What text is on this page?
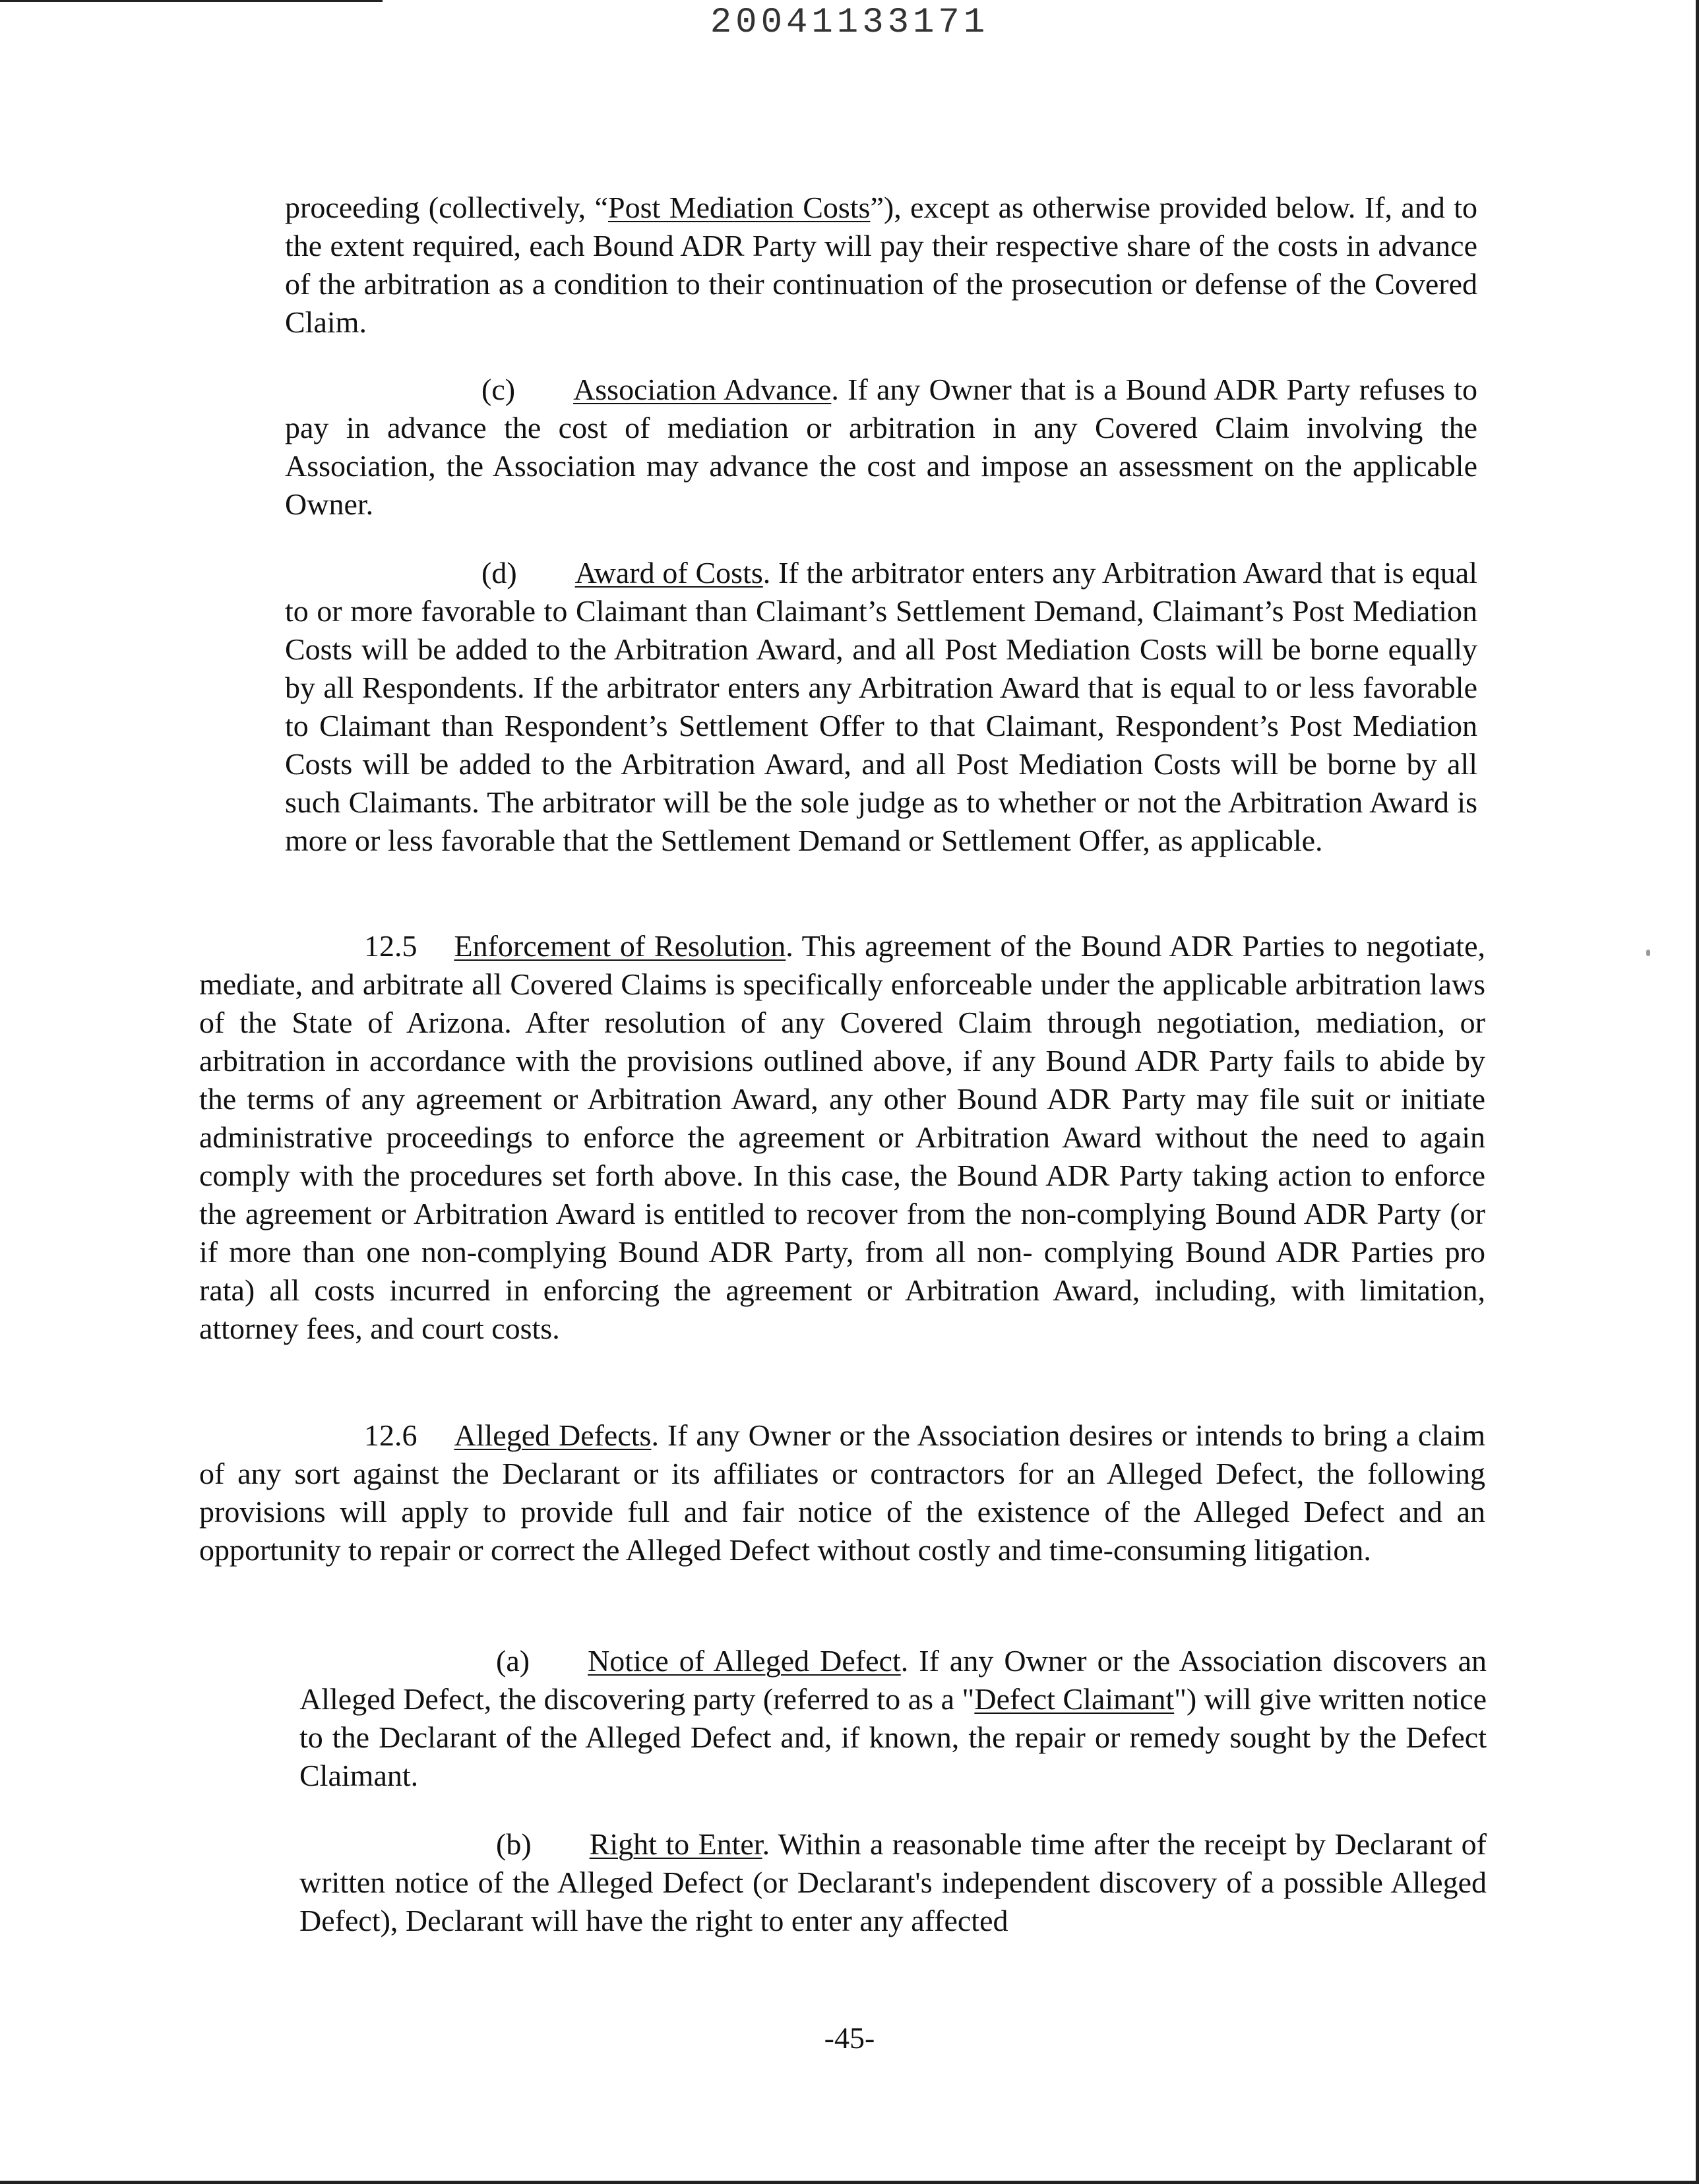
20041133171

proceeding (collectively, “Post Mediation Costs”), except as otherwise provided below. If, and to the extent required, each Bound ADR Party will pay their respective share of the costs in advance of the arbitration as a condition to their continuation of the prosecution or defense of the Covered Claim.

(c) Association Advance. If any Owner that is a Bound ADR Party refuses to pay in advance the cost of mediation or arbitration in any Covered Claim involving the Association, the Association may advance the cost and impose an assessment on the applicable Owner.

(d) Award of Costs. If the arbitrator enters any Arbitration Award that is equal to or more favorable to Claimant than Claimant’s Settlement Demand, Claimant’s Post Mediation Costs will be added to the Arbitration Award, and all Post Mediation Costs will be borne equally by all Respondents. If the arbitrator enters any Arbitration Award that is equal to or less favorable to Claimant than Respondent’s Settlement Offer to that Claimant, Respondent’s Post Mediation Costs will be added to the Arbitration Award, and all Post Mediation Costs will be borne by all such Claimants. The arbitrator will be the sole judge as to whether or not the Arbitration Award is more or less favorable that the Settlement Demand or Settlement Offer, as applicable.

12.5 Enforcement of Resolution. This agreement of the Bound ADR Parties to negotiate, mediate, and arbitrate all Covered Claims is specifically enforceable under the applicable arbitration laws of the State of Arizona. After resolution of any Covered Claim through negotiation, mediation, or arbitration in accordance with the provisions outlined above, if any Bound ADR Party fails to abide by the terms of any agreement or Arbitration Award, any other Bound ADR Party may file suit or initiate administrative proceedings to enforce the agreement or Arbitration Award without the need to again comply with the procedures set forth above. In this case, the Bound ADR Party taking action to enforce the agreement or Arbitration Award is entitled to recover from the non-complying Bound ADR Party (or if more than one non-complying Bound ADR Party, from all non- complying Bound ADR Parties pro rata) all costs incurred in enforcing the agreement or Arbitration Award, including, with limitation, attorney fees, and court costs.

12.6 Alleged Defects. If any Owner or the Association desires or intends to bring a claim of any sort against the Declarant or its affiliates or contractors for an Alleged Defect, the following provisions will apply to provide full and fair notice of the existence of the Alleged Defect and an opportunity to repair or correct the Alleged Defect without costly and time-consuming litigation.

(a) Notice of Alleged Defect. If any Owner or the Association discovers an Alleged Defect, the discovering party (referred to as a "Defect Claimant") will give written notice to the Declarant of the Alleged Defect and, if known, the repair or remedy sought by the Defect Claimant.

(b) Right to Enter. Within a reasonable time after the receipt by Declarant of written notice of the Alleged Defect (or Declarant's independent discovery of a possible Alleged Defect), Declarant will have the right to enter any affected

-45-
